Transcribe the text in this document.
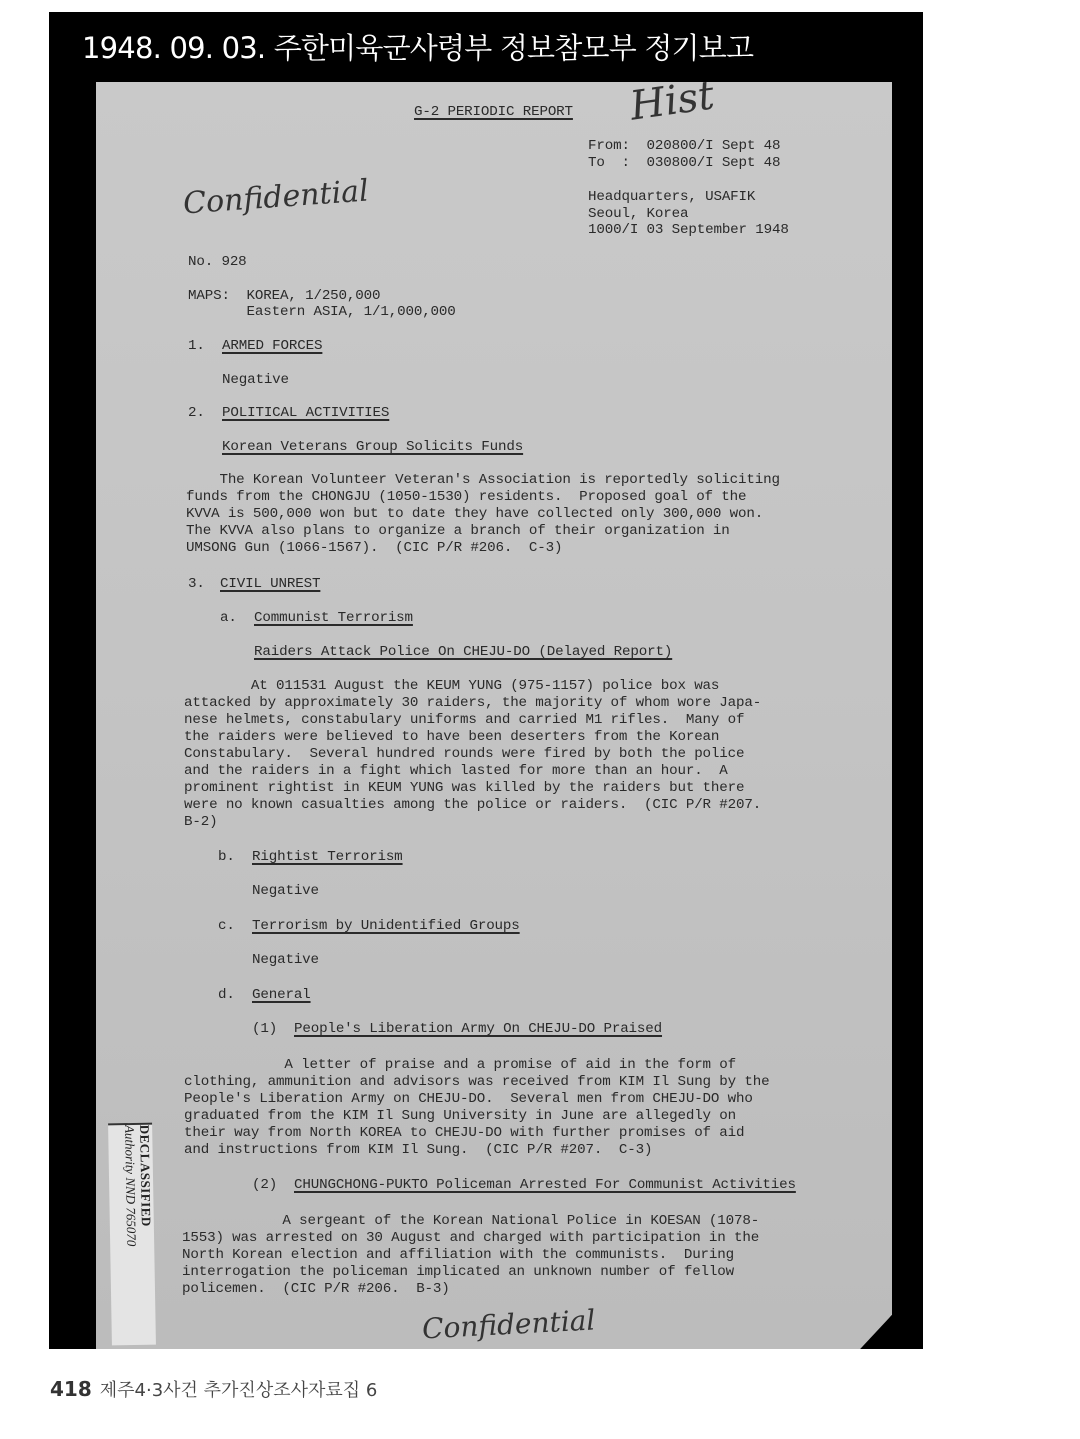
1948. 09. 03. 주한미육군사령부 정보참모부 정기보고
Hist
Confidential
Confidential
G-2 PERIODIC REPORT
From:  020800/I Sept 48
To  :  030800/I Sept 48
Headquarters, USAFIK
Seoul, Korea
1000/I 03 September 1948
No. 928
MAPS:  KOREA, 1/250,000
Eastern ASIA, 1/1,000,000
1. ARMED FORCES
Negative
2. POLITICAL ACTIVITIES
Korean Veterans Group Solicits Funds
The Korean Volunteer Veteran's Association is reportedly soliciting
funds from the CHONGJU (1050-1530) residents.  Proposed goal of the
KVVA is 500,000 won but to date they have collected only 300,000 won.
The KVVA also plans to organize a branch of their organization in
UMSONG Gun (1066-1567).  (CIC P/R #206.  C-3)
3. CIVIL UNREST
a. Communist Terrorism
Raiders Attack Police On CHEJU-DO (Delayed Report)
At 011531 August the KEUM YUNG (975-1157) police box was
attacked by approximately 30 raiders, the majority of whom wore Japa-
nese helmets, constabulary uniforms and carried M1 rifles.  Many of
the raiders were believed to have been deserters from the Korean
Constabulary.  Several hundred rounds were fired by both the police
and the raiders in a fight which lasted for more than an hour.  A
prominent rightist in KEUM YUNG was killed by the raiders but there
were no known casualties among the police or raiders.  (CIC P/R #207.
B-2)
b. Rightist Terrorism
Negative
c. Terrorism by Unidentified Groups
Negative
d. General
(1) People's Liberation Army On CHEJU-DO Praised
A letter of praise and a promise of aid in the form of
clothing, ammunition and advisors was received from KIM Il Sung by the
People's Liberation Army on CHEJU-DO.  Several men from CHEJU-DO who
graduated from the KIM Il Sung University in June are allegedly on
their way from North KOREA to CHEJU-DO with further promises of aid
and instructions from KIM Il Sung.  (CIC P/R #207.  C-3)
(2) CHUNGCHONG-PUKTO Policeman Arrested For Communist Activities
A sergeant of the Korean National Police in KOESAN (1078-
1553) was arrested on 30 August and charged with participation in the
North Korean election and affiliation with the communists.  During
interrogation the policeman implicated an unknown number of fellow
policemen.  (CIC P/R #206.  B-3)
DECLASSIFIED
Authority NND 765070
418 제주4·3사건 추가진상조사자료집 6
